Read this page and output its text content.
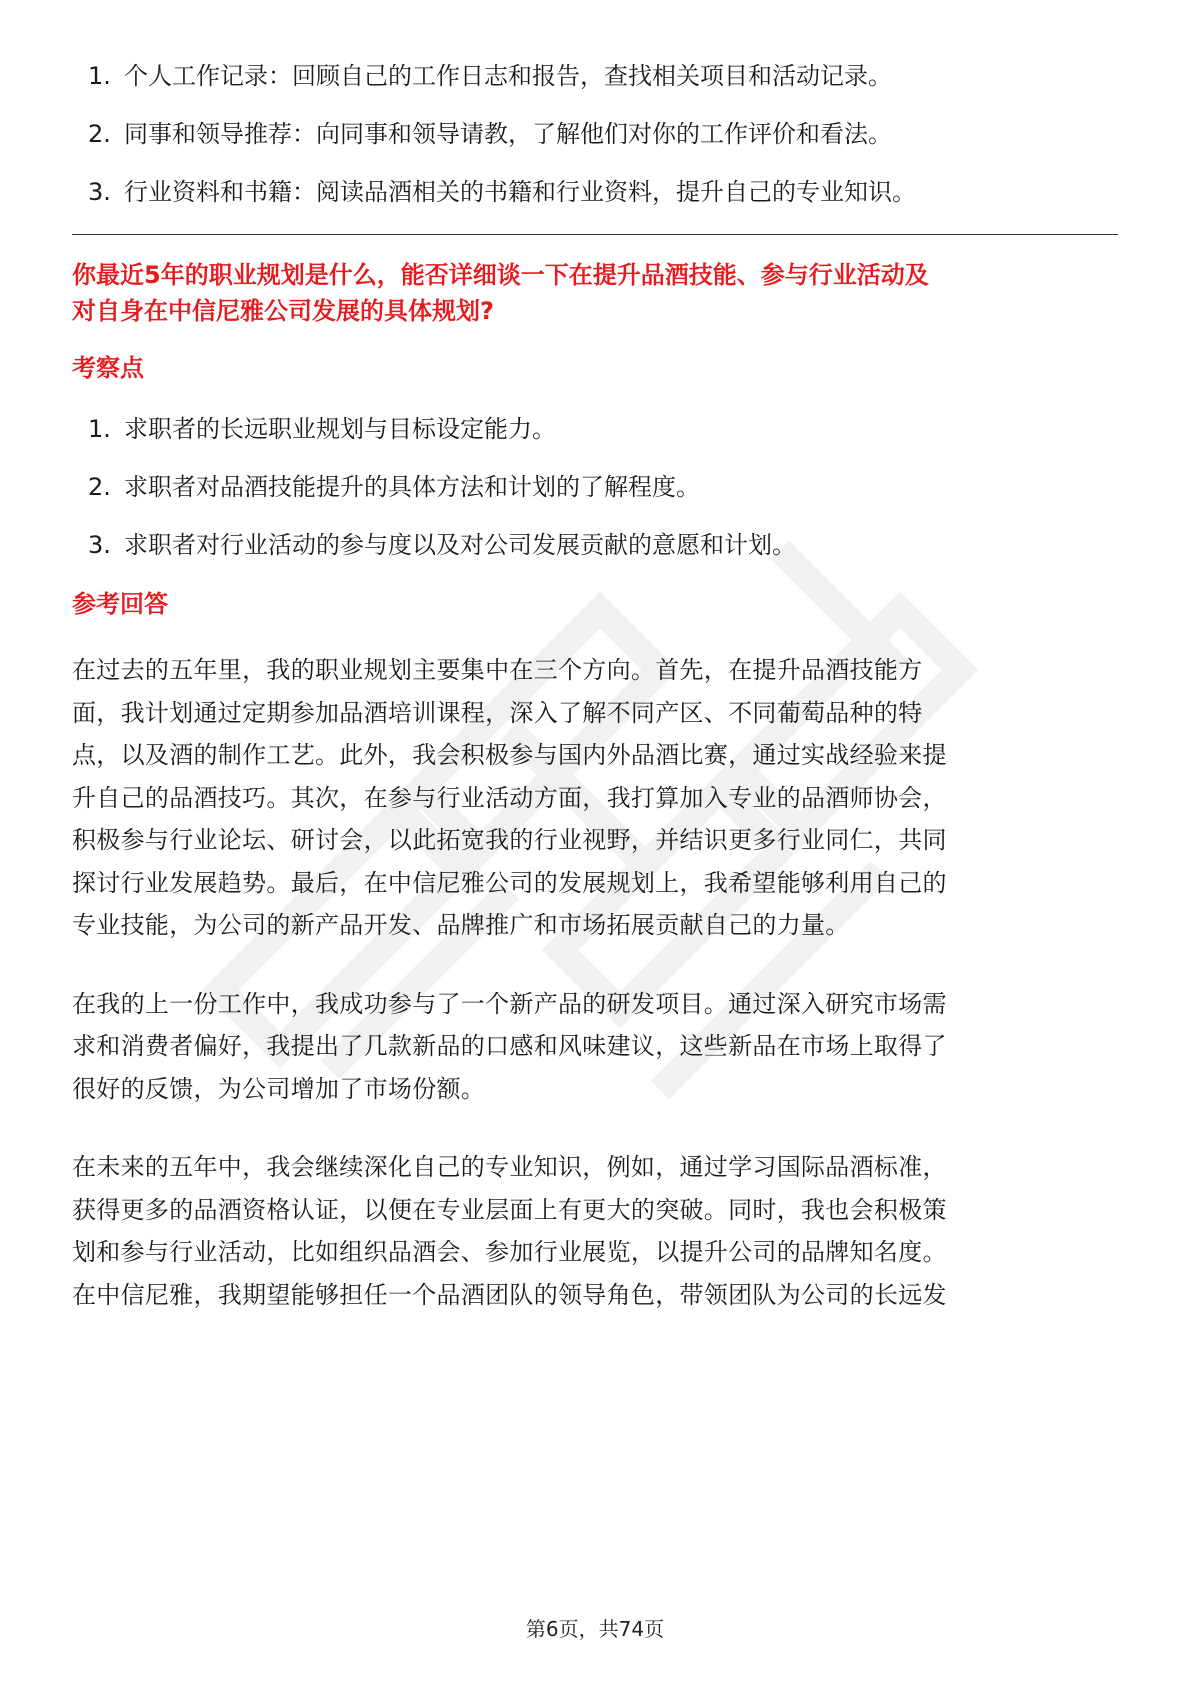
1. 个人工作记录：回顾自己的工作日志和报告，查找相关项目和活动记录。
2. 同事和领导推荐：向同事和领导请教，了解他们对你的工作评价和看法。
3. 行业资料和书籍：阅读品酒相关的书籍和行业资料，提升自己的专业知识。
你最近5年的职业规划是什么，能否详细谈一下在提升品酒技能、参与行业活动及
对自身在中信尼雅公司发展的具体规划?
考察点
1. 求职者的长远职业规划与目标设定能力。
2. 求职者对品酒技能提升的具体方法和计划的了解程度。
3. 求职者对行业活动的参与度以及对公司发展贡献的意愿和计划。
参考回答
在过去的五年里，我的职业规划主要集中在三个方向。首先，在提升品酒技能方
面，我计划通过定期参加品酒培训课程，深入了解不同产区、不同葡萄品种的特
点，以及酒的制作工艺。此外，我会积极参与国内外品酒比赛，通过实战经验来提
升自己的品酒技巧。其次，在参与行业活动方面，我打算加入专业的品酒师协会，
积极参与行业论坛、研讨会，以此拓宽我的行业视野，并结识更多行业同仁，共同
探讨行业发展趋势。最后，在中信尼雅公司的发展规划上，我希望能够利用自己的
专业技能，为公司的新产品开发、品牌推广和市场拓展贡献自己的力量。
在我的上一份工作中，我成功参与了一个新产品的研发项目。通过深入研究市场需
求和消费者偏好，我提出了几款新品的口感和风味建议，这些新品在市场上取得了
很好的反馈，为公司增加了市场份额。
在未来的五年中，我会继续深化自己的专业知识，例如，通过学习国际品酒标准，
获得更多的品酒资格认证，以便在专业层面上有更大的突破。同时，我也会积极策
划和参与行业活动，比如组织品酒会、参加行业展览，以提升公司的品牌知名度。
在中信尼雅，我期望能够担任一个品酒团队的领导角色，带领团队为公司的长远发
第6页，共74页
